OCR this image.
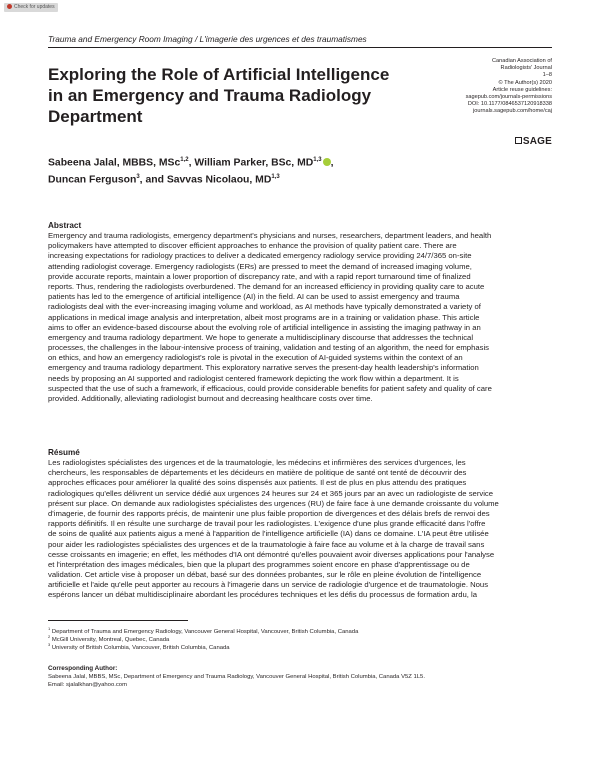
Check for updates
Trauma and Emergency Room Imaging / L'imagerie des urgences et des traumatismes
Exploring the Role of Artificial Intelligence
in an Emergency and Trauma Radiology
Department
Canadian Association of
Radiologists' Journal
1–8
© The Author(s) 2020
Article reuse guidelines:
sagepub.com/journals-permissions
DOI: 10.1177/0846537120918338
journals.sagepub.com/home/caj
SAGE
Sabeena Jalal, MBBS, MSc$^{1,2}$, William Parker, BSc, MD$^{1,3}$ ,
Duncan Ferguson$^3$, and Savvas Nicolaou, MD$^{1,3}$
Abstract
Emergency and trauma radiologists, emergency department's physicians and nurses, researchers, department leaders, and health
policymakers have attempted to discover efficient approaches to enhance the provision of quality patient care. There are
increasing expectations for radiology practices to deliver a dedicated emergency radiology service providing 24/7/365 on-site
attending radiologist coverage. Emergency radiologists (ERs) are pressed to meet the demand of increased imaging volume,
provide accurate reports, maintain a lower proportion of discrepancy rate, and with a rapid report turnaround time of finalized
reports. Thus, rendering the radiologists overburdened. The demand for an increased efficiency in providing quality care to acute
patients has led to the emergence of artificial intelligence (AI) in the field. AI can be used to assist emergency and trauma
radiologists deal with the ever-increasing imaging volume and workload, as AI methods have typically demonstrated a variety of
applications in medical image analysis and interpretation, albeit most programs are in a training or validation phase. This article
aims to offer an evidence-based discourse about the evolving role of artificial intelligence in assisting the imaging pathway in an
emergency and trauma radiology department. We hope to generate a multidisciplinary discourse that addresses the technical
processes, the challenges in the labour-intensive process of training, validation and testing of an algorithm, the need for emphasis
on ethics, and how an emergency radiologist's role is pivotal in the execution of AI-guided systems within the context of an
emergency and trauma radiology department. This exploratory narrative serves the present-day health leadership's information
needs by proposing an AI supported and radiologist centered framework depicting the work flow within a department. It is
suspected that the use of such a framework, if efficacious, could provide considerable benefits for patient safety and quality of care
provided. Additionally, alleviating radiologist burnout and decreasing healthcare costs over time.
Résumé
Les radiologistes spécialistes des urgences et de la traumatologie, les médecins et infirmières des services d'urgences, les
chercheurs, les responsables de départements et les décideurs en matière de politique de santé ont tenté de découvrir des
approches efficaces pour améliorer la qualité des soins dispensés aux patients. Il est de plus en plus attendu des pratiques
radiologiques qu'elles délivrent un service dédié aux urgences 24 heures sur 24 et 365 jours par an avec un radiologiste de service
présent sur place. On demande aux radiologistes spécialistes des urgences (RU) de faire face à une demande croissante du volume
d'imagerie, de fournir des rapports précis, de maintenir une plus faible proportion de divergences et des délais brefs de renvoi des
rapports définitifs. Il en résulte une surcharge de travail pour les radiologistes. L'exigence d'une plus grande efficacité dans l'offre
de soins de qualité aux patients aigus a mené à l'apparition de l'intelligence artificielle (IA) dans ce domaine. L'IA peut être utilisée
pour aider les radiologistes spécialistes des urgences et de la traumatologie à faire face au volume et à la charge de travail sans
cesse croissants en imagerie; en effet, les méthodes d'IA ont démontré qu'elles pouvaient avoir diverses applications pour l'analyse
et l'interprétation des images médicales, bien que la plupart des programmes soient encore en phase d'apprentissage ou de
validation. Cet article vise à proposer un débat, basé sur des données probantes, sur le rôle en pleine évolution de l'intelligence
artificielle et l'aide qu'elle peut apporter au recours à l'imagerie dans un service de radiologie d'urgence et de traumatologie. Nous
espérons lancer un débat multidisciplinaire abordant les procédures techniques et les défis du processus de formation ardu, la
$^1$ Department of Trauma and Emergency Radiology, Vancouver General Hospital, Vancouver, British Columbia, Canada
$^2$ McGill University, Montreal, Quebec, Canada
$^3$ University of British Columbia, Vancouver, British Columbia, Canada
Corresponding Author:
Sabeena Jalal, MBBS, MSc, Department of Emergency and Trauma Radiology, Vancouver General Hospital, British Columbia, Canada V5Z 1L5.
Email: sjalalkhan@yahoo.com
